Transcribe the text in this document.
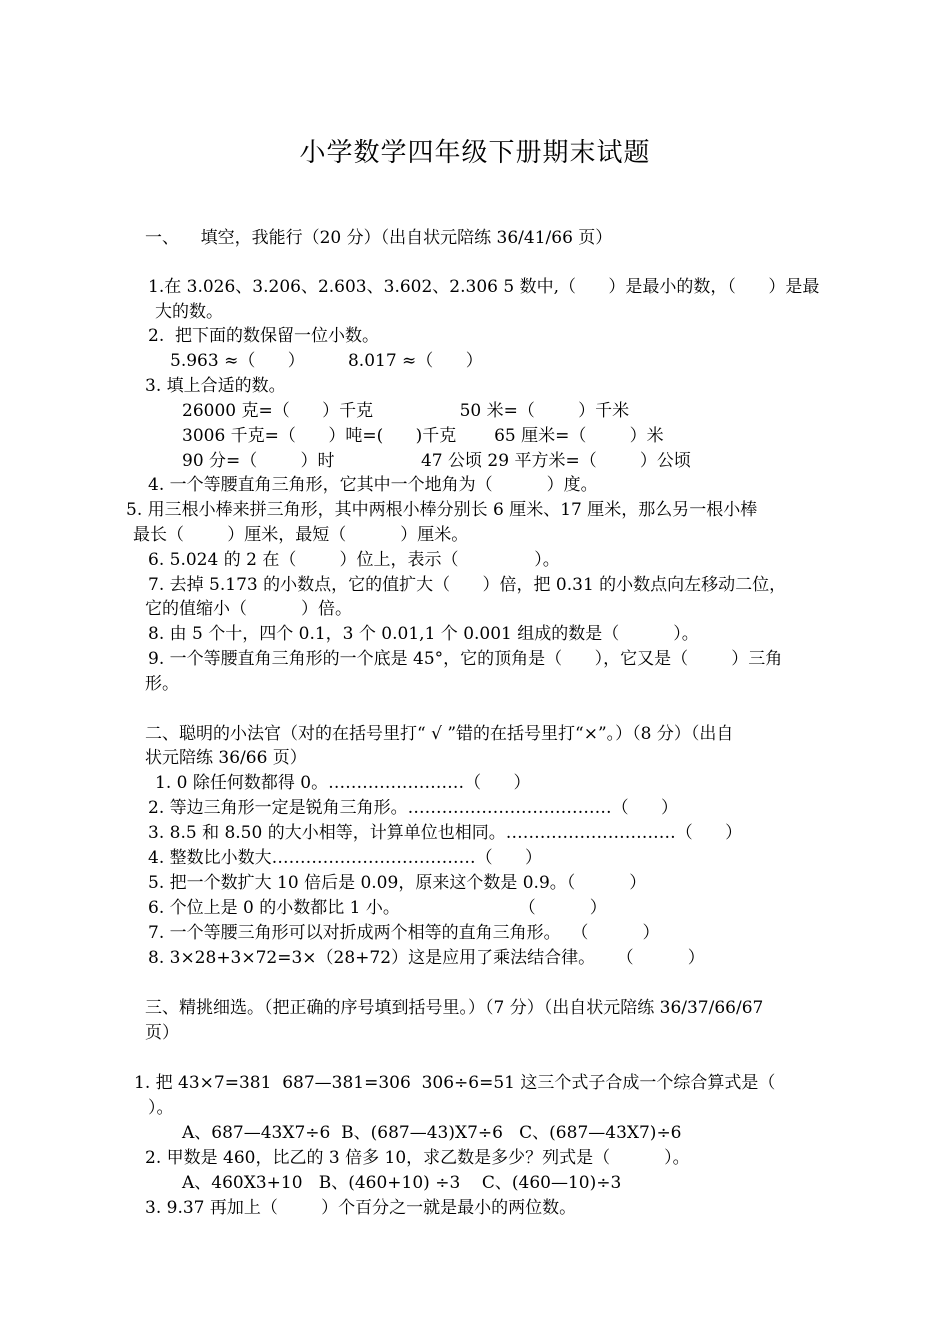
小学数学四年级下册期末试题
一、    填空，我能行（20 分）（出自状元陪练 36/41/66 页）
1.在 3.026、3.206、2.603、3.602、2.306 5 数中,（      ）是最小的数，（      ）是最
大的数。
2.  把下面的数保留一位小数。
5.963 ≈（      ）        8.017 ≈（      ）
3. 填上合适的数。
26000 克=（      ）千克                50 米=（        ）千米
3006 千克=（      ）吨=(      )千克       65 厘米=（        ）米
90 分=（        ）时                47 公顷 29 平方米=（        ）公顷
4. 一个等腰直角三角形，它其中一个地角为（          ）度。
5. 用三根小棒来拼三角形，其中两根小棒分别长 6 厘米、17 厘米，那么另一根小棒
最长（        ）厘米，最短（          ）厘米。
6. 5.024 的 2 在（        ）位上，表示（              ）。
7. 去掉 5.173 的小数点，它的值扩大（      ）倍，把 0.31 的小数点向左移动二位，
它的值缩小（          ）倍。
8. 由 5 个十，四个 0.1，3 个 0.01,1 个 0.001 组成的数是（          ）。
9. 一个等腰直角三角形的一个底是 45°，它的顶角是（      ），它又是（        ）三角
形。
二、聪明的小法官（对的在括号里打“ √ ”错的在括号里打“×”。）（8 分）（出自
状元陪练 36/66 页）
1. 0 除任何数都得 0。……………………（      ）
2. 等边三角形一定是锐角三角形。………………………………（      ）
3. 8.5 和 8.50 的大小相等，计算单位也相同。…………………………（      ）
4. 整数比小数大………………………………（      ）
5. 把一个数扩大 10 倍后是 0.09，原来这个数是 0.9。（          ）
6. 个位上是 0 的小数都比 1 小。                      （          ）
7. 一个等腰三角形可以对折成两个相等的直角三角形。  （          ）
8. 3×28+3×72=3×（28+72）这是应用了乘法结合律。    （          ）
三、精挑细选。（把正确的序号填到括号里。）（7 分）（出自状元陪练 36/37/66/67
页）
1. 把 43×7=381  687—381=306  306÷6=51 这三个式子合成一个综合算式是（
）。
A、687—43X7÷6  B、(687—43)X7÷6   C、(687—43X7)÷6
2. 甲数是 460，比乙的 3 倍多 10，求乙数是多少？列式是（          ）。
A、460X3+10   B、(460+10) ÷3    C、(460—10)÷3
3. 9.37 再加上（        ）个百分之一就是最小的两位数。
